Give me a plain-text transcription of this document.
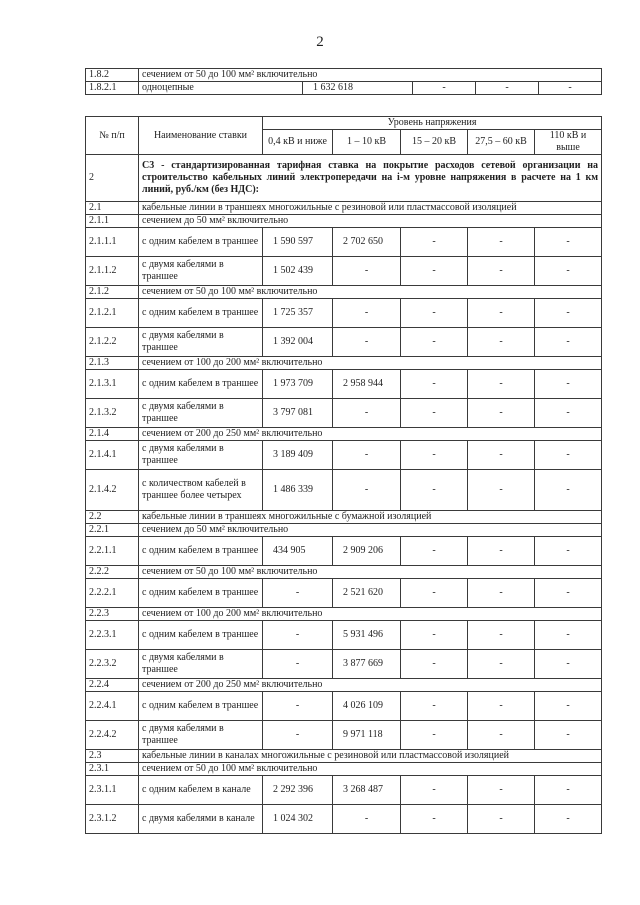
2
1.8.2	сечением от 50 до 100 мм² включительно				
1.8.2.1	одноцепные	1 632 618	-	-	-
№ п/п	Наименование ставки	Уровень напряжения				
		0,4 кВ и ниже	1 – 10 кВ	15 – 20 кВ	27,5 – 60 кВ	110 кВ и выше
2	С3 - стандартизированная тарифная ставка на покрытие расходов сетевой организации на строительство кабельных линий электропередачи на i-м уровне напряжения в расчете на 1 км линий, руб./км (без НДС):					
2.1	кабельные линии в траншеях многожильные с резиновой или пластмассовой изоляцией					
2.1.1	сечением до 50 мм² включительно					
2.1.1.1	с одним кабелем в траншее	1 590 597	2 702 650	-	-	-
2.1.1.2	с двумя кабелями в траншее	1 502 439	-	-	-	-
2.1.2	сечением от 50 до 100 мм² включительно					
2.1.2.1	с одним кабелем в траншее	1 725 357	-	-	-	-
2.1.2.2	с двумя кабелями в траншее	1 392 004	-	-	-	-
2.1.3	сечением от 100 до 200 мм² включительно					
2.1.3.1	с одним кабелем в траншее	1 973 709	2 958 944	-	-	-
2.1.3.2	с двумя кабелями в траншее	3 797 081	-	-	-	-
2.1.4	сечением от 200 до 250 мм² включительно					
2.1.4.1	с двумя кабелями в траншее	3 189 409	-	-	-	-
2.1.4.2	с количеством кабелей в траншее более четырех	1 486 339	-	-	-	-
2.2	кабельные линии в траншеях многожильные с бумажной изоляцией					
2.2.1	сечением до 50 мм² включительно					
2.2.1.1	с одним кабелем в траншее	434 905	2 909 206	-	-	-
2.2.2	сечением от 50 до 100 мм² включительно					
2.2.2.1	с одним кабелем в траншее	-	2 521 620	-	-	-
2.2.3	сечением от 100 до 200 мм² включительно					
2.2.3.1	с одним кабелем в траншее	-	5 931 496	-	-	-
2.2.3.2	с двумя кабелями в траншее	-	3 877 669	-	-	-
2.2.4	сечением от 200 до 250 мм² включительно					
2.2.4.1	с одним кабелем в траншее	-	4 026 109	-	-	-
2.2.4.2	с двумя кабелями в траншее	-	9 971 118	-	-	-
2.3	кабельные линии в каналах многожильные с резиновой или пластмассовой изоляцией					
2.3.1	сечением от 50 до 100 мм² включительно					
2.3.1.1	с одним кабелем в канале	2 292 396	3 268 487	-	-	-
2.3.1.2	с двумя кабелями в канале	1 024 302	-	-	-	-
